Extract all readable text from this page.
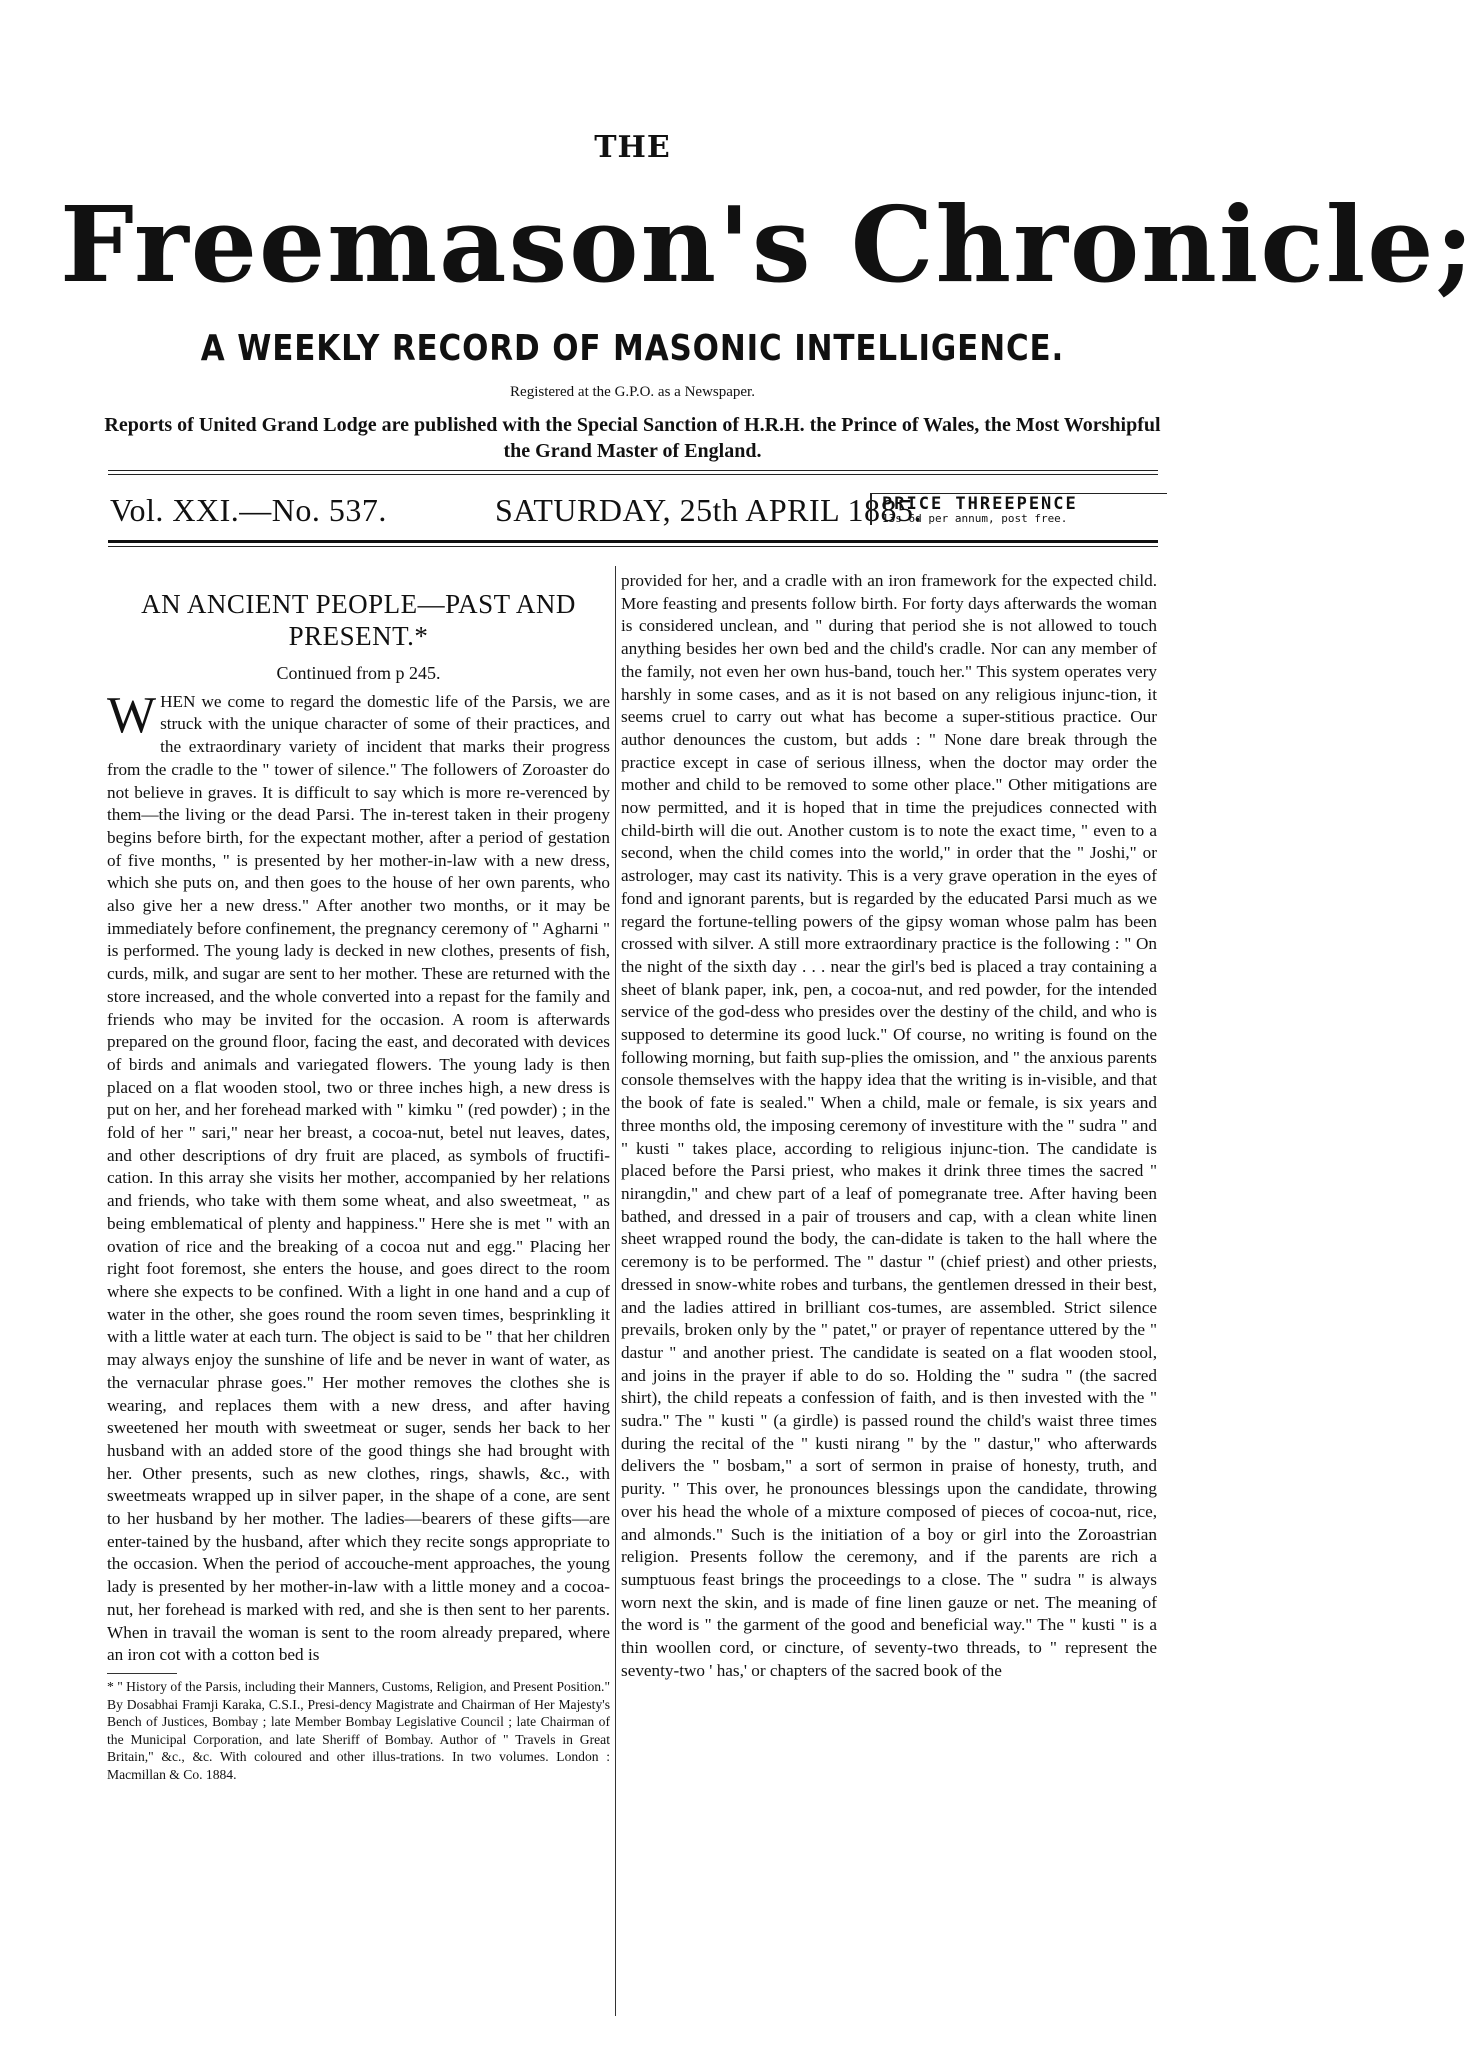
THE
Freemason's Chronicle;
A WEEKLY RECORD OF MASONIC INTELLIGENCE.
Registered at the G.P.O. as a Newspaper.
Reports of United Grand Lodge are published with the Special Sanction of H.R.H. the Prince of Wales, the Most Worshipful the Grand Master of England.
Vol. XXI.—No. 537.	SATURDAY, 25th APRIL 1885.
PRICE THREEPENCE
13s 6d per annum, post free.
AN ANCIENT PEOPLE—PAST AND PRESENT.*
Continued from p 245.

WHEN we come to regard the domestic life of the Parsis, we are struck with the unique character of some of their practices, and the extraordinary variety of incident that marks their progress from the cradle to the " tower of silence." The followers of Zoroaster do not believe in graves. It is difficult to say which is more re-verenced by them—the living or the dead Parsi. The in-terest taken in their progeny begins before birth, for the expectant mother, after a period of gestation of five months, " is presented by her mother-in-law with a new dress, which she puts on, and then goes to the house of her own parents, who also give her a new dress." After another two months, or it may be immediately before confinement, the pregnancy ceremony of " Agharni " is performed. The young lady is decked in new clothes, presents of fish, curds, milk, and sugar are sent to her mother. These are returned with the store increased, and the whole converted into a repast for the family and friends who may be invited for the occasion. A room is afterwards prepared on the ground floor, facing the east, and decorated with devices of birds and animals and variegated flowers. The young lady is then placed on a flat wooden stool, two or three inches high, a new dress is put on her, and her forehead marked with " kimku " (red powder) ; in the fold of her " sari," near her breast, a cocoa-nut, betel nut leaves, dates, and other descriptions of dry fruit are placed, as symbols of fructifi-cation. In this array she visits her mother, accompanied by her relations and friends, who take with them some wheat, and also sweetmeat, " as being emblematical of plenty and happiness." Here she is met " with an ovation of rice and the breaking of a cocoa nut and egg." Placing her right foot foremost, she enters the house, and goes direct to the room where she expects to be confined. With a light in one hand and a cup of water in the other, she goes round the room seven times, besprinkling it with a little water at each turn. The object is said to be " that her children may always enjoy the sunshine of life and be never in want of water, as the vernacular phrase goes." Her mother removes the clothes she is wearing, and replaces them with a new dress, and after having sweetened her mouth with sweetmeat or suger, sends her back to her husband with an added store of the good things she had brought with her. Other presents, such as new clothes, rings, shawls, &c., with sweetmeats wrapped up in silver paper, in the shape of a cone, are sent to her husband by her mother. The ladies—bearers of these gifts—are enter-tained by the husband, after which they recite songs appropriate to the occasion. When the period of accouche-ment approaches, the young lady is presented by her mother-in-law with a little money and a cocoa-nut, her forehead is marked with red, and she is then sent to her parents. When in travail the woman is sent to the room already prepared, where an iron cot with a cotton bed is

* " History of the Parsis, including their Manners, Customs, Religion, and Present Position." By Dosabhai Framji Karaka, C.S.I., Presi-dency Magistrate and Chairman of Her Majesty's Bench of Justices, Bombay ; late Member Bombay Legislative Council ; late Chairman of the Municipal Corporation, and late Sheriff of Bombay. Author of " Travels in Great Britain," &c., &c. With coloured and other illus-trations. In two volumes. London : Macmillan & Co. 1884.

provided for her, and a cradle with an iron framework for the expected child. More feasting and presents follow birth. For forty days afterwards the woman is considered unclean, and " during that period she is not allowed to touch anything besides her own bed and the child's cradle. Nor can any member of the family, not even her own hus-band, touch her." This system operates very harshly in some cases, and as it is not based on any religious injunc-tion, it seems cruel to carry out what has become a super-stitious practice. Our author denounces the custom, but adds : " None dare break through the practice except in case of serious illness, when the doctor may order the mother and child to be removed to some other place." Other mitigations are now permitted, and it is hoped that in time the prejudices connected with child-birth will die out. Another custom is to note the exact time, " even to a second, when the child comes into the world," in order that the " Joshi," or astrologer, may cast its nativity. This is a very grave operation in the eyes of fond and ignorant parents, but is regarded by the educated Parsi much as we regard the fortune-telling powers of the gipsy woman whose palm has been crossed with silver. A still more extraordinary practice is the following : " On the night of the sixth day . . . near the girl's bed is placed a tray containing a sheet of blank paper, ink, pen, a cocoa-nut, and red powder, for the intended service of the god-dess who presides over the destiny of the child, and who is supposed to determine its good luck." Of course, no writing is found on the following morning, but faith sup-plies the omission, and " the anxious parents console themselves with the happy idea that the writing is in-visible, and that the book of fate is sealed." When a child, male or female, is six years and three months old, the imposing ceremony of investiture with the " sudra " and " kusti " takes place, according to religious injunc-tion. The candidate is placed before the Parsi priest, who makes it drink three times the sacred " nirangdin," and chew part of a leaf of pomegranate tree. After having been bathed, and dressed in a pair of trousers and cap, with a clean white linen sheet wrapped round the body, the can-didate is taken to the hall where the ceremony is to be performed. The " dastur " (chief priest) and other priests, dressed in snow-white robes and turbans, the gentlemen dressed in their best, and the ladies attired in brilliant cos-tumes, are assembled. Strict silence prevails, broken only by the " patet," or prayer of repentance uttered by the " dastur " and another priest. The candidate is seated on a flat wooden stool, and joins in the prayer if able to do so. Holding the " sudra " (the sacred shirt), the child repeats a confession of faith, and is then invested with the " sudra." The " kusti " (a girdle) is passed round the child's waist three times during the recital of the " kusti nirang " by the " dastur," who afterwards delivers the " bosbam," a sort of sermon in praise of honesty, truth, and purity. " This over, he pronounces blessings upon the candidate, throwing over his head the whole of a mixture composed of pieces of cocoa-nut, rice, and almonds." Such is the initiation of a boy or girl into the Zoroastrian religion. Presents follow the ceremony, and if the parents are rich a sumptuous feast brings the proceedings to a close. The " sudra " is always worn next the skin, and is made of fine linen gauze or net. The meaning of the word is " the garment of the good and beneficial way." The " kusti " is a thin woollen cord, or cincture, of seventy-two threads, to " represent the seventy-two ' has,' or chapters of the sacred book of the
